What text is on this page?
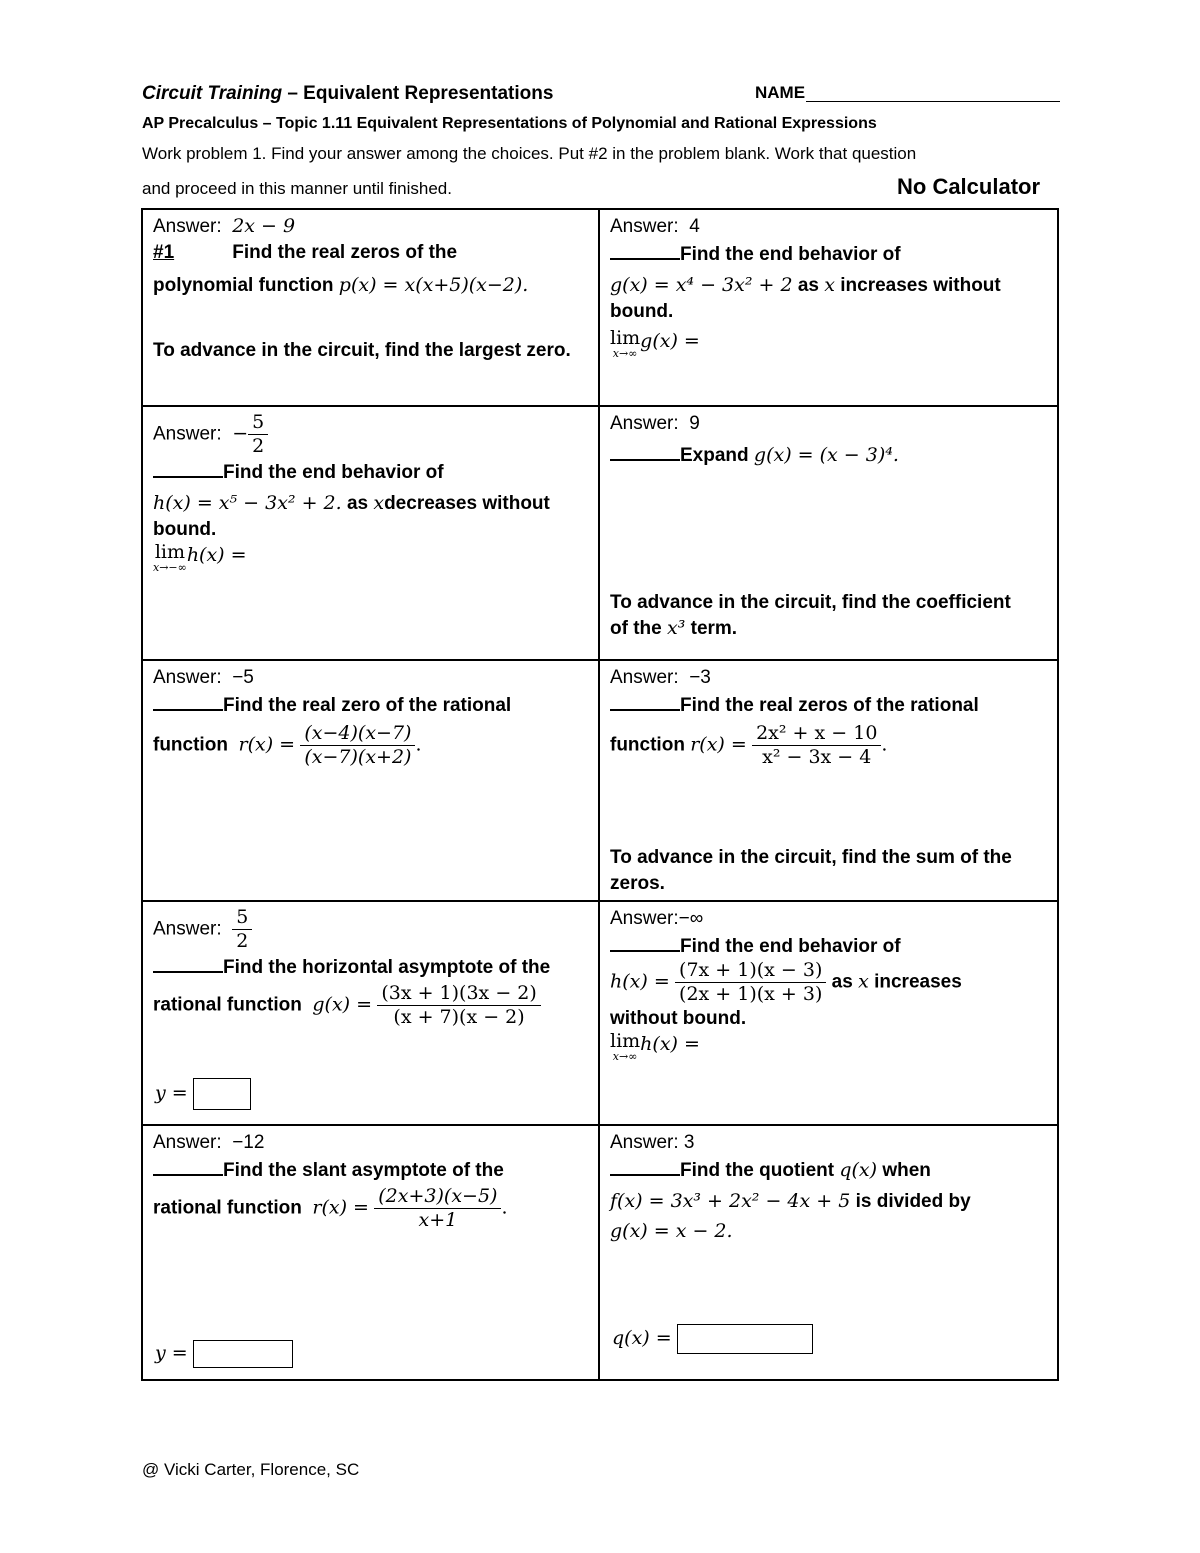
Circuit Training – Equivalent Representations	NAME
AP Precalculus – Topic 1.11 Equivalent Representations of Polynomial and Rational Expressions
Work problem 1. Find your answer among the choices. Put #2 in the problem blank. Work that question
and proceed in this manner until finished.	No Calculator
Answer: 2x − 9
#1	Find the real zeros of the
polynomial function p(x) = x(x+5)(x−2).
To advance in the circuit, find the largest zero.
Answer: 4
Find the end behavior of
g(x) = x⁴ − 3x² + 2 as x increases without bound.
lim
x→∞
g(x) =
Answer: − $\frac{5}{2}$
Find the end behavior of
h(x) = x⁵ − 3x² + 2. as xdecreases without
bound.
lim
x→−∞
h(x) =
Answer: 9
Expand g(x) = (x − 3)⁴.
To advance in the circuit, find the coefficient
of the x³ term.
Answer: −5
Find the real zero of the rational
function $r(x) = \frac{(x-4)(x-7)}{(x-7)(x+2)}$ .
Answer: −3
Find the real zeros of the rational
function $r(x) = \frac{\text{2x² + x − 10}}{\text{x² − 3x − 4}}$ .
To advance in the circuit, find the sum of the zeros.
Answer: $\frac{5}{2}$
Find the horizontal asymptote of the
rational function $g(x) = \frac{(3x + 1)(3x - 2)}{(x + 7)(x - 2)}$
y =
Answer:−∞
Find the end behavior of
$h(x) = \frac{(7x + 1)(x - 3)}{(2x + 1)(x + 3)}$ as x increases
without bound.
lim
x→∞
h(x) =
Answer: −12
Find the slant asymptote of the
rational function $r(x) = \frac{(2x+3)(x-5)}{x+1}$ .
y =
Answer: 3
Find the quotient q(x) when
f(x) = 3x³ + 2x² − 4x + 5 is divided by
g(x) = x − 2.
q(x) =
@ Vicki Carter, Florence, SC
